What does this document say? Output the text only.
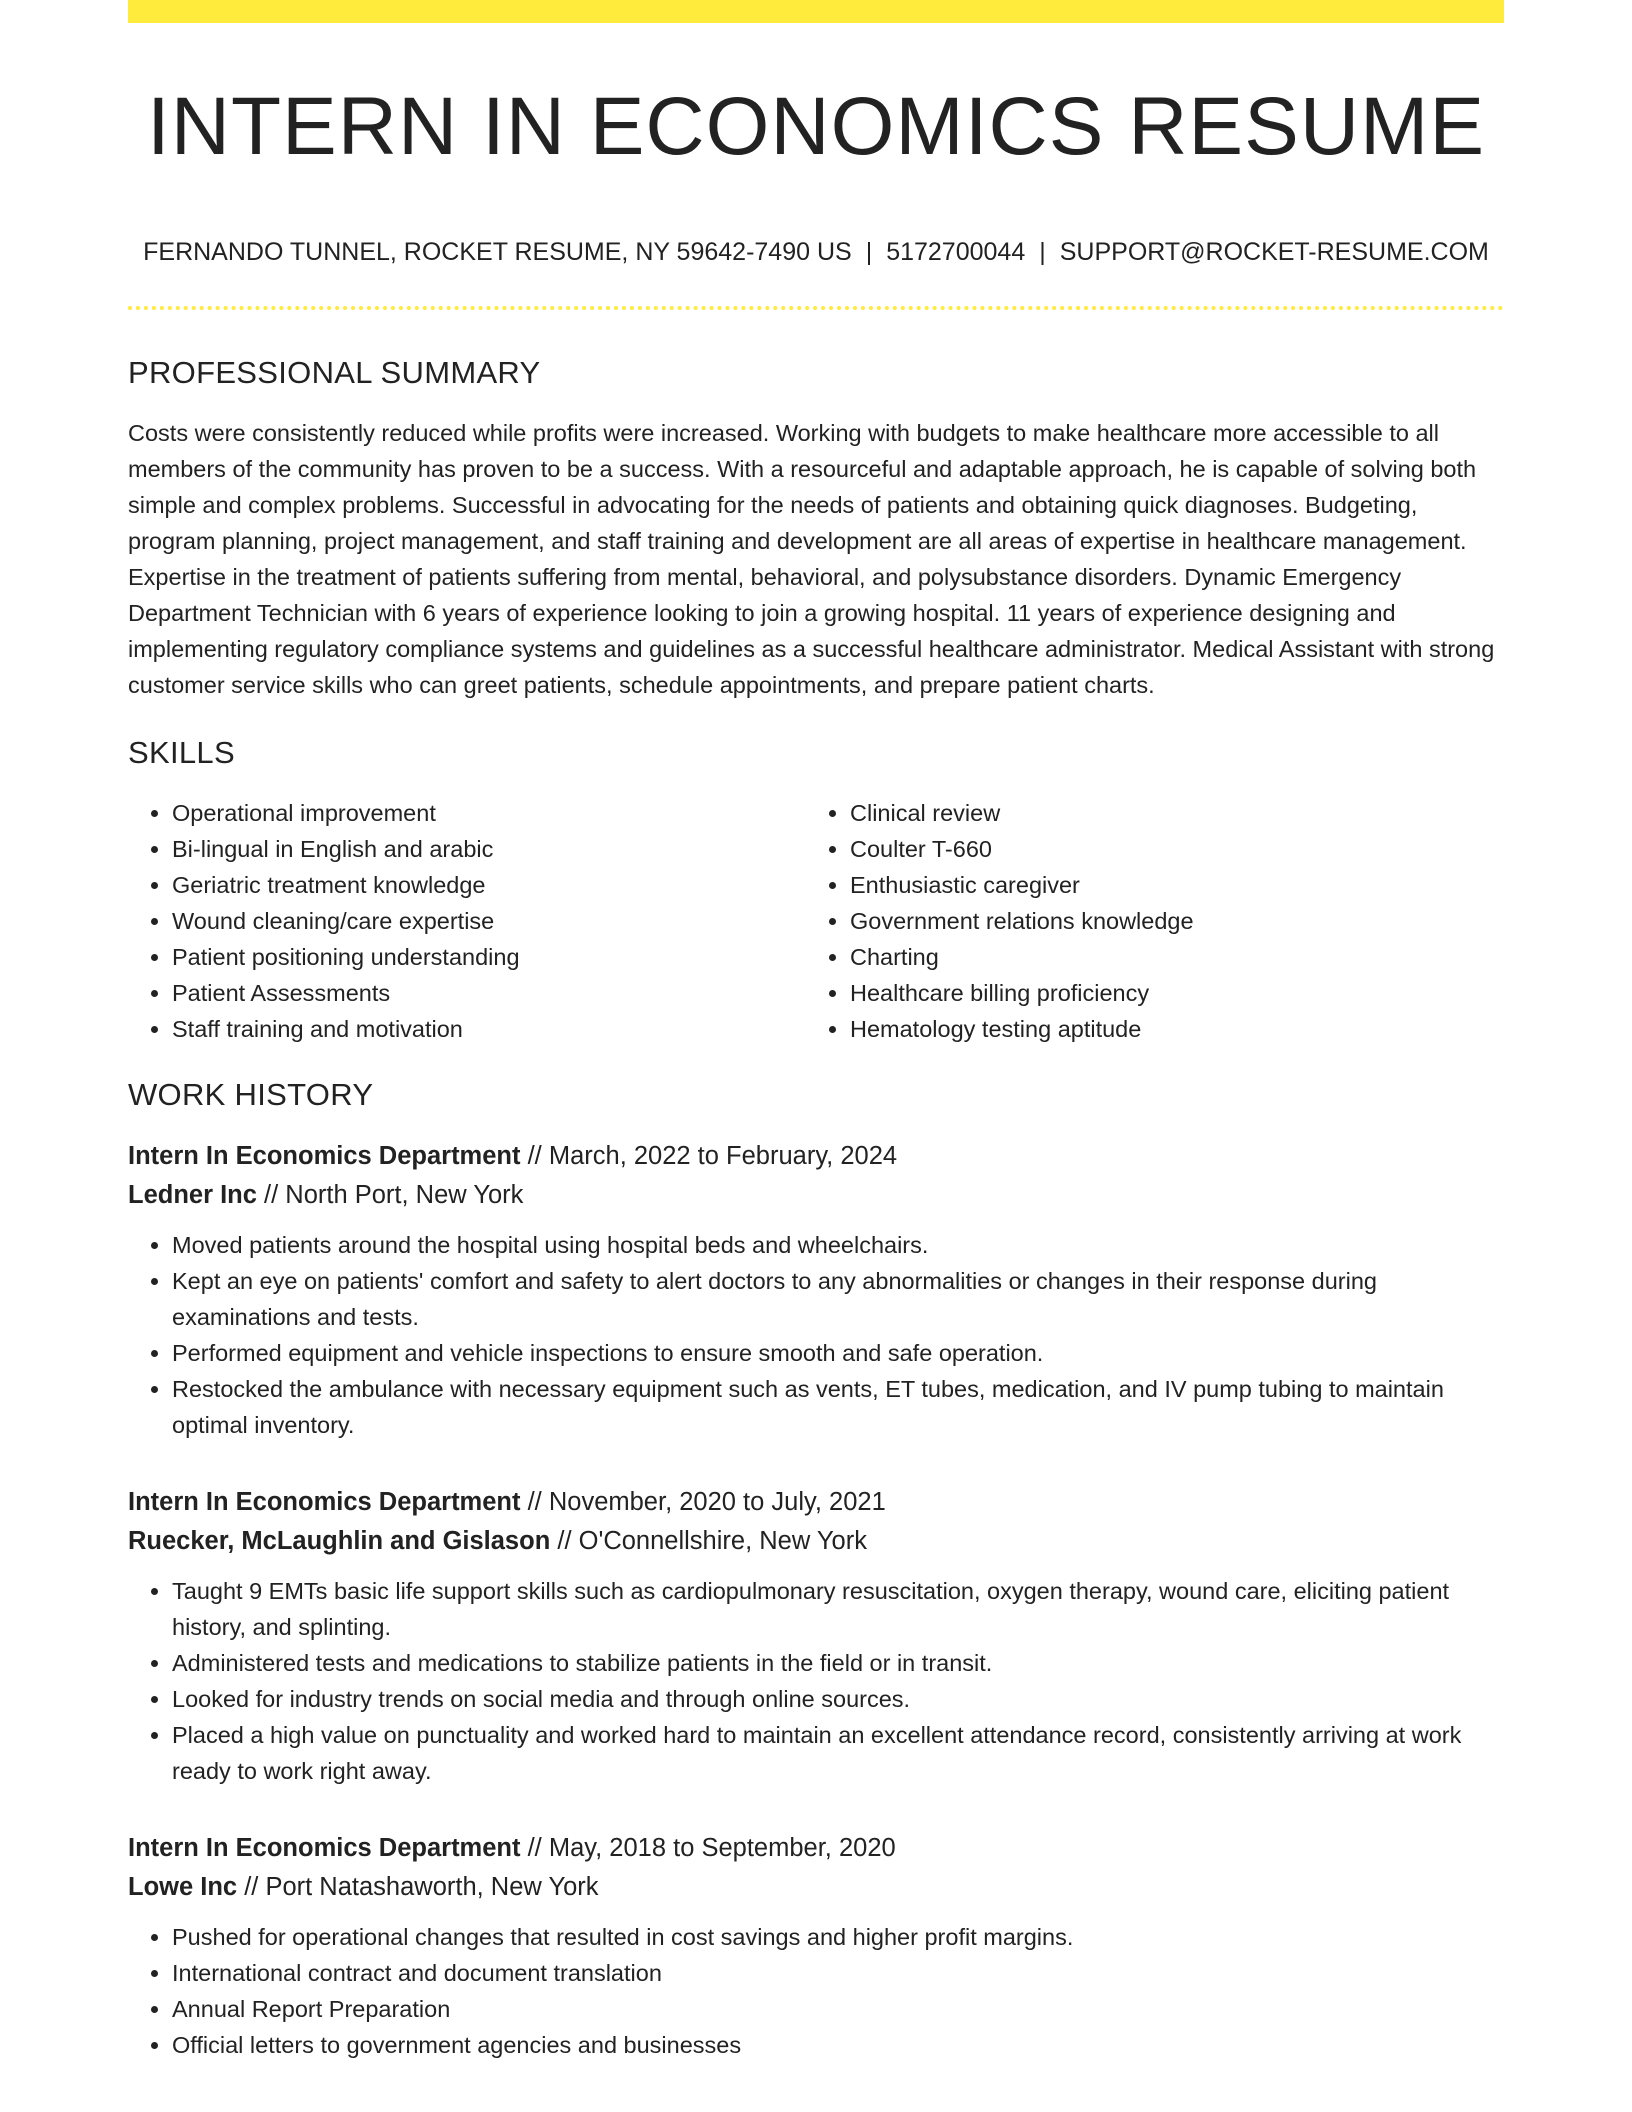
INTERN IN ECONOMICS RESUME
FERNANDO TUNNEL, ROCKET RESUME, NY 59642-7490 US | 5172700044 | SUPPORT@ROCKET-RESUME.COM
PROFESSIONAL SUMMARY

Costs were consistently reduced while profits were increased. Working with budgets to make healthcare more accessible to all members of the community has proven to be a success. With a resourceful and adaptable approach, he is capable of solving both simple and complex problems. Successful in advocating for the needs of patients and obtaining quick diagnoses. Budgeting, program planning, project management, and staff training and development are all areas of expertise in healthcare management. Expertise in the treatment of patients suffering from mental, behavioral, and polysubstance disorders. Dynamic Emergency Department Technician with 6 years of experience looking to join a growing hospital. 11 years of experience designing and implementing regulatory compliance systems and guidelines as a successful healthcare administrator. Medical Assistant with strong customer service skills who can greet patients, schedule appointments, and prepare patient charts.

SKILLS
• Operational improvement
• Bi-lingual in English and arabic
• Geriatric treatment knowledge
• Wound cleaning/care expertise
• Patient positioning understanding
• Patient Assessments
• Staff training and motivation
• Clinical review
• Coulter T-660
• Enthusiastic caregiver
• Government relations knowledge
• Charting
• Healthcare billing proficiency
• Hematology testing aptitude
WORK HISTORY
Intern In Economics Department // March, 2022 to February, 2024
Ledner Inc // North Port, New York
• Moved patients around the hospital using hospital beds and wheelchairs.
• Kept an eye on patients' comfort and safety to alert doctors to any abnormalities or changes in their response during examinations and tests.
• Performed equipment and vehicle inspections to ensure smooth and safe operation.
• Restocked the ambulance with necessary equipment such as vents, ET tubes, medication, and IV pump tubing to maintain optimal inventory.
Intern In Economics Department // November, 2020 to July, 2021
Ruecker, McLaughlin and Gislason // O'Connellshire, New York
• Taught 9 EMTs basic life support skills such as cardiopulmonary resuscitation, oxygen therapy, wound care, eliciting patient history, and splinting.
• Administered tests and medications to stabilize patients in the field or in transit.
• Looked for industry trends on social media and through online sources.
• Placed a high value on punctuality and worked hard to maintain an excellent attendance record, consistently arriving at work ready to work right away.
Intern In Economics Department // May, 2018 to September, 2020
Lowe Inc // Port Natashaworth, New York
• Pushed for operational changes that resulted in cost savings and higher profit margins.
• International contract and document translation
• Annual Report Preparation
• Official letters to government agencies and businesses
